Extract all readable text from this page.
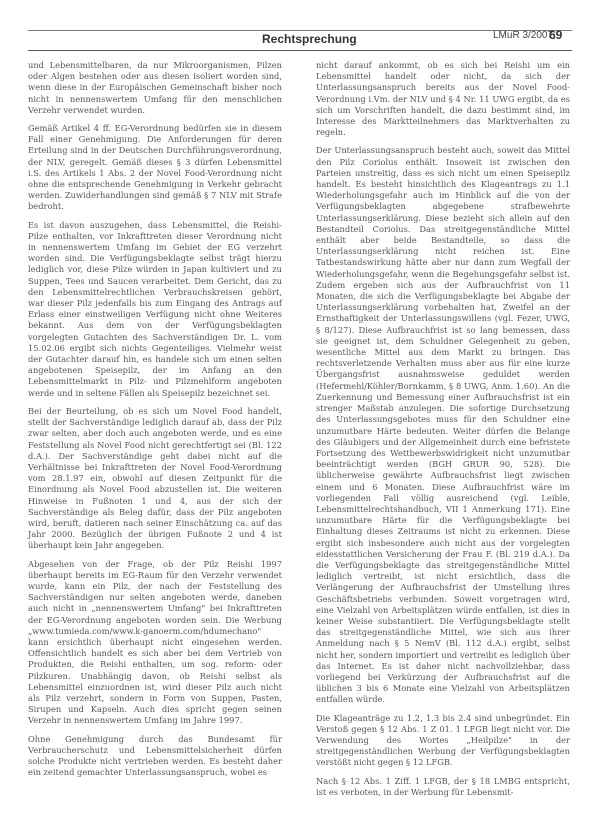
Rechtsprechung	LMuR 3/2007
69

und Lebensmittelbaren, da nur Mikroorganismen, Pilzen oder Algen bestehen oder aus diesen isoliert worden sind, wenn diese in der Europäischen Gemeinschaft bisher noch nicht in nennenswertem Umfang für den menschlichen Verzehr verwendet wurden.

Gemäß Artikel 4 ff. EG-Verordnung bedürfen sie in diesem Fall einer Genehmigung. Die Anforderungen für deren Erteilung sind in der Deutschen Durchführungsverordnung, der NLV, geregelt. Gemäß dieses § 3 dürfen Lebensmittel i.S. des Artikels 1 Abs. 2 der Novel Food-Verordnung nicht ohne die entsprechende Genehmigung in Verkehr gebracht werden. Zuwiderhandlungen sind gemäß § 7 NLV mit Strafe bedroht.

Es ist davon auszugehen, dass Lebensmittel, die Reishi-Pilze enthalten, vor Inkrafttreten dieser Verordnung nicht in nennenswertem Umfang im Gebiet der EG verzehrt worden sind. Die Verfügungsbeklagte selbst trägt hierzu lediglich vor, diese Pilze würden in Japan kultiviert und zu Suppen, Tees und Saucen verarbeitet. Dem Gericht, das zu den Lebensmittelrechtlichen Verbrauchskreisen gehört, war dieser Pilz jedenfalls bis zum Eingang des Antrags auf Erlass einer einstweiligen Verfügung nicht ohne Weiteres bekannt. Aus dem von der Verfügungsbeklagten vorgelegten Gutachten des Sachverständigen Dr. L. vom 15.02.06 ergibt sich nichts Gegenteiliges. Vielmehr weist der Gutachter darauf hin, es handele sich um einen selten angebotenen Speisepilz, der im Anfang an den Lebensmittelmarkt in Pilz- und Pilzmehlform angeboten werde und in seltene Fällen als Speisepilz bezeichnet sei.

Bei der Beurteilung, ob es sich um Novel Food handelt, stellt der Sachverständige lediglich darauf ab, dass der Pilz zwar selten, aber doch auch angeboten werde, und es eine Feststellung als Novel Food nicht gerechtfertigt sei (Bl. 122 d.A.). Der Sachverständige geht dabei nicht auf die Verhältnisse bei Inkrafttreten der Novel Food-Verordnung vom 28.1.97 ein, obwohl auf diesen Zeitpunkt für die Einordnung als Novel Food abzustellen ist. Die weiteren Hinweise in Fußnoten 1 und 4, aus der sich der Sachverständige als Beleg dafür, dass der Pilz angeboten wird, beruft, datieren nach seiner Einschätzung ca. auf das Jahr 2000. Bezüglich der übrigen Fußnote 2 und 4 ist überhaupt kein Jahr angegeben.

Abgesehen von der Frage, ob der Pilz Reishi 1997 überhaupt bereits im EG-Raum für den Verzehr verwendet wurde, kann ein Pilz, der nach der Feststellung des Sachverständigen nur selten angeboten werde, daneben auch nicht in „nennenswertem Umfang" bei Inkrafttreten der EG-Verordnung angeboten worden sein. Die Werbung „www.tumieda.com/www.k-ganoerm.com/hdumechano" kann ersichtlich überhaupt nicht eingesehen werden. Offensichtlich handelt es sich aber bei dem Vertrieb von Produkten, die Reishi enthalten, um sog. reform- oder Pilzkuren. Unabhängig davon, ob Reishi selbst als Lebensmittel einzuordnen ist, wird dieser Pilz auch nicht als Pilz verzehrt, sondern in Form von Suppen, Pasten, Sirupen und Kapseln. Auch dies spricht gegen seinen Verzehr in nennenswertem Umfang im Jahre 1997.

Ohne Genehmigung durch das Bundesamt für Verbraucherschutz und Lebensmittelsicherheit dürfen solche Produkte nicht vertrieben werden. Es besteht daher ein zeitend gemachter Unterlassungsanspruch, wobei es

nicht darauf ankommt, ob es sich bei Reishi um ein Lebensmittel handelt oder nicht, da sich der Unterlassungsanspruch bereits aus der Novel Food-Verordnung i.Vm. der NLV und § 4 Nr. 11 UWG ergibt, da es sich um Vorschriften handelt, die dazu bestimmt sind, im Interesse des Marktteilnehmers das Marktverhalten zu regeln.

Der Unterlassungsanspruch besteht auch, soweit das Mittel den Pilz Coriolus enthält. Insoweit ist zwischen den Parteien unstreitig, dass es sich nicht um einen Speisepilz handelt. Es besteht hinsichtlich des Klageantrags zu 1.1 Wiederholungsgefahr auch im Hinblick auf die von der Verfügungsbeklagten abgegebene strafbewehrte Unterlassungserklärung. Diese bezieht sich allein auf den Bestandteil Coriolus. Das streitgegenständliche Mittel enthält aber beide Bestandteile, so dass die Unterlassungserklärung nicht reichen ist. Eine Tatbestandswirkung hätte aber nur dann zum Wegfall der Wiederholungsgefahr, wenn die Begehungsgefahr selbst ist. Zudem ergeben sich aus der Aufbrauchfrist von 11 Monaten, die sich die Verfügungsbeklagte bei Abgabe der Unterlassungserklärung vorbehalten hat, Zweifel an der Ernsthaftigkeit der Unterlassungswillens (vgl. Fezer, UWG, § 8/127). Diese Aufbrauchfrist ist so lang bemessen, dass sie geeignet ist, dem Schuldner Gelegenheit zu geben, wesentliche Mittel aus dem Markt zu bringen. Das rechtsverletzende Verhalten muss aber aus für eine kurze Übergangsfrist ausnahmsweise geduldet werden (Hefermehl/Köhler/Bornkamm, § 8 UWG, Anm. 1.60). An die Zuerkennung und Bemessung einer Aufbrauchsfrist ist ein strenger Maßstab anzulegen. Die sofortige Durchsetzung des Unterlassungsgebotes muss für den Schuldner eine unzumutbare Härte bedeuten. Weiter dürfen die Belange des Gläubigers und der Allgemeinheit durch eine befristete Fortsetzung des Wettbewerbswidrigkeit nicht unzumutbar beeinträchtigt werden (BGH GRUR 90, 528). Die üblicherweise gewährte Aufbrauchsfrist liegt zwischen einem und 6 Monaten. Diese Aufbrauchfrist wäre im vorliegenden Fall völlig ausreichend (vgl. Leible, Lebensmittelrechtshandbuch, VII 1 Anmerkung 171). Eine unzumutbare Härte für die Verfügungsbeklagte bei Einhaltung dieses Zeitraums ist nicht zu erkennen. Diese ergibt sich insbesondere auch nicht aus der vorgelegten eidesstattlichen Versicherung der Frau F. (Bl. 219 d.A.). Da die Verfügungsbeklagte das streitgegenständliche Mittel lediglich vertreibt, ist nicht ersichtlich, dass die Verlängerung der Aufbrauchsfrist der Umstellung ihres Geschäftsbetriebs verbunden. Soweit vorgetragen wird, eine Vielzahl von Arbeitsplätzen würde entfallen, ist dies in keiner Weise substantiiert. Die Verfügungsbeklagte stellt das streitgegenständliche Mittel, wie sich aus ihrer Anmeldung nach § 5 NemV (Bl. 112 d.A.) ergibt, selbst nicht her, sondern importiert und vertreibt es lediglich über das Internet. Es ist daher nicht nachvollziehbar, dass vorliegend bei Verkürzung der Aufbrauchsfrist auf die üblichen 3 bis 6 Monate eine Vielzahl von Arbeitsplätzen entfallen würde.

Die Klageanträge zu 1.2, 1.3 bis 2.4 sind unbegründet. Ein Verstoß gegen § 12 Abs. 1 Z 01. 1 LFGB liegt nicht vor. Die Verwendung des Wortes „Heilpilze" in der streitgegenständlichen Werbung der Verfügungsbeklagten verstößt nicht gegen § 12 LFGB.

Nach § 12 Abs. 1 Ziff. 1 LFGB, der § 18 LMBG entspricht, ist es verboten, in der Werbung für Lebensmit-
